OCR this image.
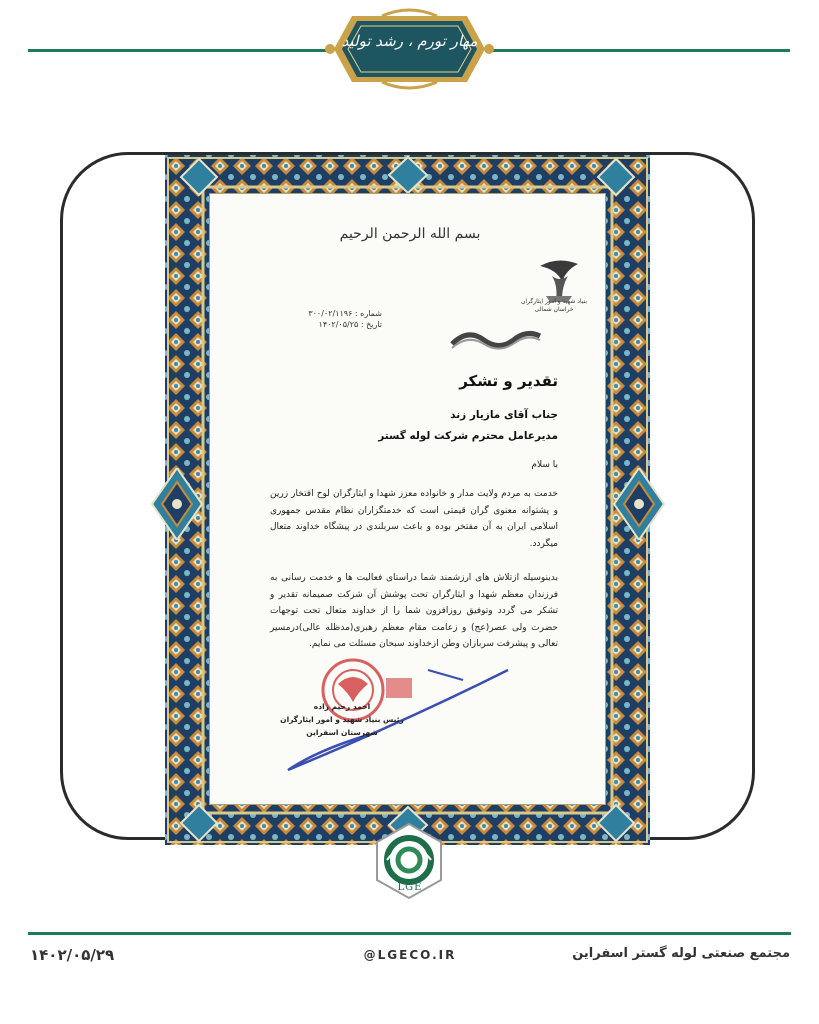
مهار تورم ، رشد تولید
بسم الله الرحمن الرحیم
بنیاد شهید و امور ایثارگران خراسان شمالی
شماره : ۳۰۰/۰۲/۱۱۹۶
تاریخ : ۱۴۰۲/۰۵/۲۵
تقدیر و تشکر
جناب آقای مازیار زند
مدیرعامل محترم شرکت لوله گستر
با سلام
خدمت به مردم ولایت مدار و خانواده معزز شهدا و ایثارگران لوح افتخار زرین و پشتوانه معنوی گران قیمتی است که خدمتگزاران نظام مقدس جمهوری اسلامی ایران به آن مفتخر بوده و باعث سربلندی در پیشگاه خداوند متعال میگردد.
بدینوسیله ازتلاش های ارزشمند شما دراستای فعالیت ها و خدمت رسانی به فرزندان معظم شهدا و ایثارگران تحت پوشش آن شرکت صمیمانه تقدیر و تشکر می گردد وتوفیق روزافزون شما را از خداوند متعال تحت توجهات حضرت ولی عصر(عج) و زعامت مقام معظم رهبری(مدظله عالی)درمسیر تعالی و پیشرفت سربازان وطن ازخداوند سبحان مسئلت می نمایم.
احمد رحیم زاده
رئیس بنیاد شهید و امور ایثارگران شهرستان اسفراین
LGE
۱۴۰۲/۰۵/۲۹	@LGECO.IR	مجتمع صنعتی لوله گستر اسفراین
